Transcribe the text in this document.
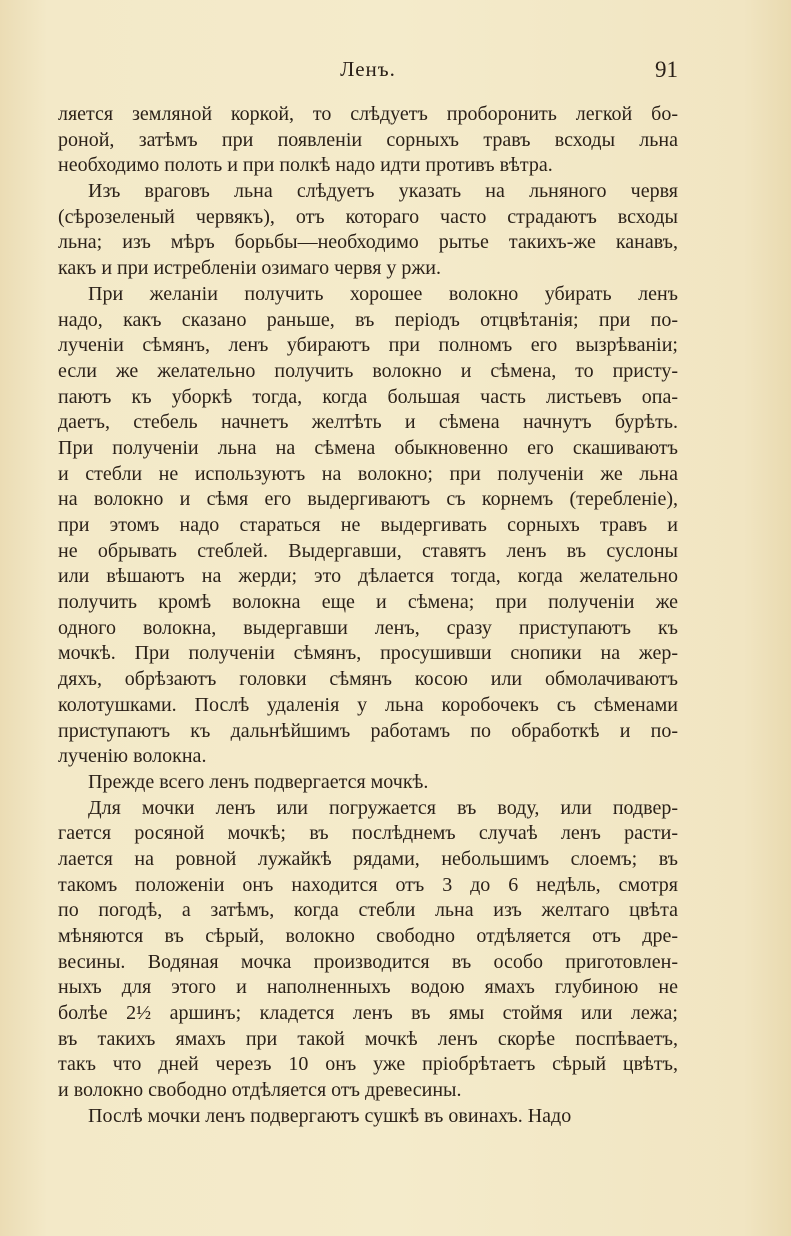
Ленъ.	91
ляется земляной коркой, то слѣдуетъ проборонить легкой бо-
роной, затѣмъ при появленіи сорныхъ травъ всходы льна
необходимо полоть и при полкѣ надо идти противъ вѣтра.
Изъ враговъ льна слѣдуетъ указать на льняного червя
(сѣрозеленый червякъ), отъ котораго часто страдаютъ всходы
льна; изъ мѣръ борьбы—необходимо рытье такихъ-же канавъ,
какъ и при истребленіи озимаго червя у ржи.
При желаніи получить хорошее волокно убирать ленъ
надо, какъ сказано раньше, въ періодъ отцвѣтанія; при по-
лученіи сѣмянъ, ленъ убираютъ при полномъ его вызрѣваніи;
если же желательно получить волокно и сѣмена, то присту-
паютъ къ уборкѣ тогда, когда большая часть листьевъ опа-
даетъ, стебель начнетъ желтѣть и сѣмена начнутъ бурѣть.
При полученіи льна на сѣмена обыкновенно его скашиваютъ
и стебли не используютъ на волокно; при полученіи же льна
на волокно и сѣмя его выдергиваютъ съ корнемъ (теребленіе),
при этомъ надо стараться не выдергивать сорныхъ травъ и
не обрывать стеблей. Выдергавши, ставятъ ленъ въ суслоны
или вѣшаютъ на жерди; это дѣлается тогда, когда желательно
получить кромѣ волокна еще и сѣмена; при полученіи же
одного волокна, выдергавши ленъ, сразу приступаютъ къ
мочкѣ. При полученіи сѣмянъ, просушивши снопики на жер-
дяхъ, обрѣзаютъ головки сѣмянъ косою или обмолачиваютъ
колотушками. Послѣ удаленія у льна коробочекъ съ сѣменами
приступаютъ къ дальнѣйшимъ работамъ по обработкѣ и по-
лученію волокна.
Прежде всего ленъ подвергается мочкѣ.
Для мочки ленъ или погружается въ воду, или подвер-
гается росяной мочкѣ; въ послѣднемъ случаѣ ленъ расти-
лается на ровной лужайкѣ рядами, небольшимъ слоемъ; въ
такомъ положеніи онъ находится отъ 3 до 6 недѣль, смотря
по погодѣ, а затѣмъ, когда стебли льна изъ желтаго цвѣта
мѣняются въ сѣрый, волокно свободно отдѣляется отъ дре-
весины. Водяная мочка производится въ особо приготовлен-
ныхъ для этого и наполненныхъ водою ямахъ глубиною не
болѣе 2½ аршинъ; кладется ленъ въ ямы стоймя или лежа;
въ такихъ ямахъ при такой мочкѣ ленъ скорѣе поспѣваетъ,
такъ что дней черезъ 10 онъ уже пріобрѣтаетъ сѣрый цвѣтъ,
и волокно свободно отдѣляется отъ древесины.
Послѣ мочки ленъ подвергаютъ сушкѣ въ овинахъ. Надо
